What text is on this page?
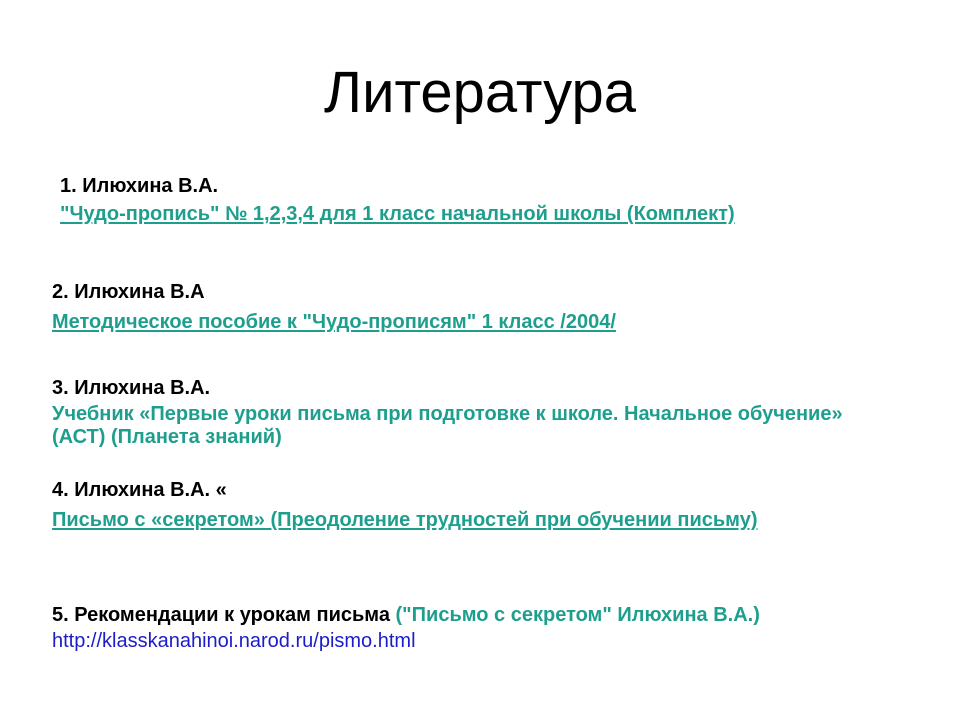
Литература
1. Илюхина В.А.
"Чудо-пропись" № 1,2,3,4 для 1 класс начальной школы (Комплект)
2. Илюхина В.А
Методическое пособие к "Чудо-прописям" 1 класс /2004/
3. Илюхина В.А.
Учебник «Первые уроки письма при подготовке к школе. Начальное обучение» (АСТ) (Планета знаний)
4. Илюхина В.А. «
Письмо с «секретом» (Преодоление трудностей при обучении письму)
5. Рекомендации к урокам письма ("Письмо с секретом" Илюхина В.А.)
http://klasskanahinoi.narod.ru/pismo.html
